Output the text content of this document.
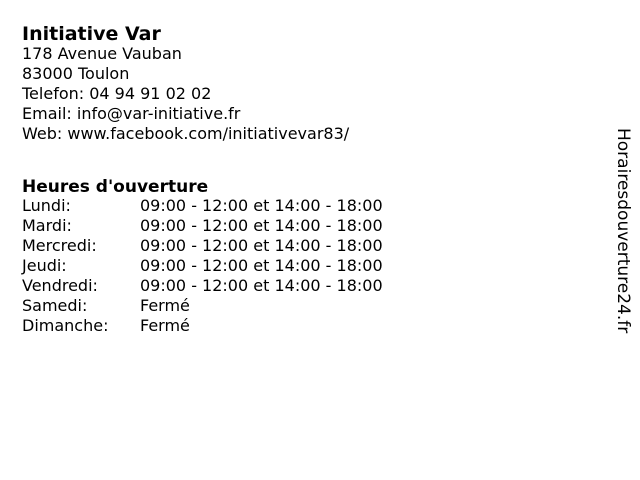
Initiative Var
178 Avenue Vauban
83000 Toulon
Telefon: 04 94 91 02 02
Email: info@var-initiative.fr
Web: www.facebook.com/initiativevar83/
Heures d'ouverture
Lundi:	09:00 - 12:00 et 14:00 - 18:00
Mardi:	09:00 - 12:00 et 14:00 - 18:00
Mercredi:	09:00 - 12:00 et 14:00 - 18:00
Jeudi:	09:00 - 12:00 et 14:00 - 18:00
Vendredi:	09:00 - 12:00 et 14:00 - 18:00
Samedi:	Fermé
Dimanche:	Fermé	Horairesdouverture24.fr
